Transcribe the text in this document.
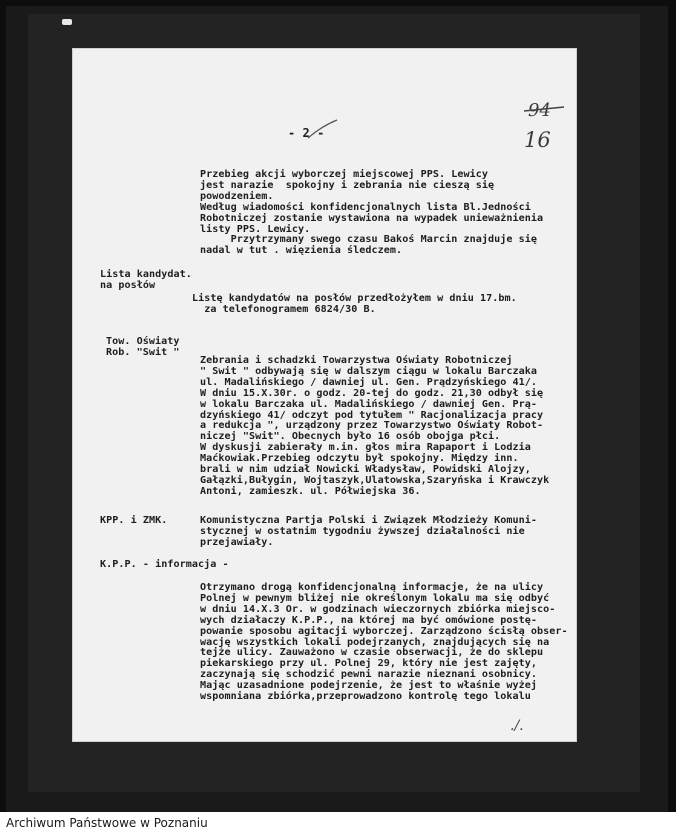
- 2 -
94
16
Przebieg akcji wyborczej miejscowej PPS. Lewicy
jest narazie  spokojny i zebrania nie cieszą się
powodzeniem.
Według wiadomości konfidencjonalnych lista Bl.Jedności
Robotniczej zostanie wystawiona na wypadek unieważnienia
listy PPS. Lewicy.
Przytrzymany swego czasu Bakoś Marcin znajduje się
nadal w tut . więzienia śledczem.
Lista kandydat.
na posłów
Listę kandydatów na posłów przedłożyłem w dniu 17.bm.
za telefonogramem 6824/30 B.
Tow. Oświaty
Rob. "Swit "
Zebrania i schadzki Towarzystwa Oświaty Robotniczej
" Swit " odbywają się w dalszym ciągu w lokalu Barczaka
ul. Madalińskiego / dawniej ul. Gen. Prądzyńskiego 41/.
W dniu 15.X.30r. o godz. 20-tej do godz. 21,30 odbył się
w lokalu Barczaka ul. Madalińskiego / dawniej Gen. Prą-
dzyńskiego 41/ odczyt pod tytułem " Racjonalizacja pracy
a redukcja ", urządzony przez Towarzystwo Oświaty Robot-
niczej "Swit". Obecnych było 16 osób obojga płci.
W dyskusji zabierały m.in. głos mira Rapaport i Lodzia
Maćkowiak.Przebieg odczytu był spokojny. Między inn.
brali w nim udział Nowicki Władysław, Powidski Alojzy,
Gałązki,Bułygin, Wojtaszyk,Ulatowska,Szaryńska i Krawczyk
Antoni, zamieszk. ul. Półwiejska 36.
KPP. i ZMK.	Komunistyczna Partja Polski i Związek Młodzieży Komuni-
stycznej w ostatnim tygodniu żywszej działalności nie
przejawiały.
K.P.P. - informacja -
Otrzymano drogą konfidencjonalną informacje, że na ulicy
Polnej w pewnym bliżej nie określonym lokalu ma się odbyć
w dniu 14.X.3 Or. w godzinach wieczornych zbiórka miejsco-
wych działaczy K.P.P., na której ma być omówione postę-
powanie sposobu agitacji wyborczej. Zarządzono ścisłą obser-
wację wszystkich lokali podejrzanych, znajdujących się na
tejże ulicy. Zauważono w czasie obserwacji, że do sklepu
piekarskiego przy ul. Polnej 29, który nie jest zajęty,
zaczynają się schodzić pewni narazie nieznani osobnicy.
Mając uzasadnione podejrzenie, że jest to właśnie wyżej
wspomniana zbiórka,przeprowadzono kontrolę tego lokalu
./.
Archiwum Państwowe w Poznaniu
